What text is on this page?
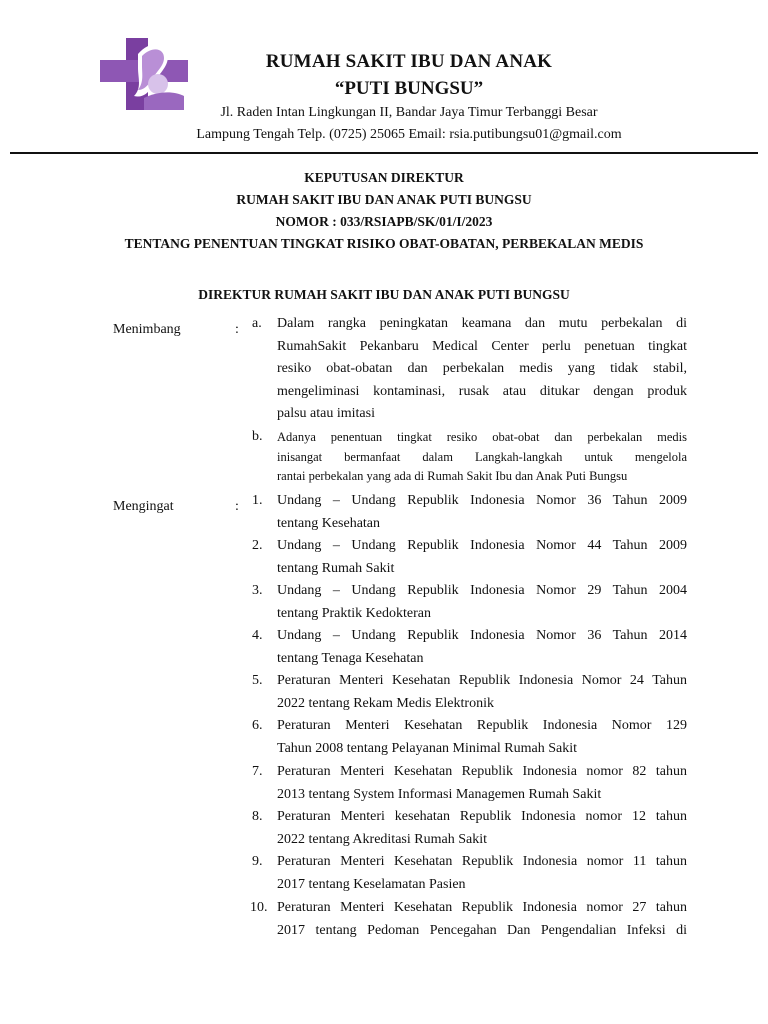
RUMAH SAKIT IBU DAN ANAK
“PUTI BUNGSU”
Jl. Raden Intan Lingkungan II, Bandar Jaya Timur Terbanggi Besar
Lampung Tengah Telp. (0725) 25065 Email: rsia.putibungsu01@gmail.com
KEPUTUSAN DIREKTUR
RUMAH SAKIT IBU DAN ANAK PUTI BUNGSU
NOMOR : 033/RSIAPB/SK/01/I/2023
TENTANG PENENTUAN TINGKAT RISIKO OBAT-OBATAN, PERBEKALAN MEDIS
DIREKTUR RUMAH SAKIT IBU DAN ANAK PUTI BUNGSU
Menimbang	: a. Dalam rangka peningkatan keamana dan mutu perbekalan di
RumahSakit Pekanbaru Medical Center perlu penetuan tingkat
resiko obat-obatan dan perbekalan medis yang tidak stabil,
mengeliminasi kontaminasi, rusak atau ditukar dengan produk
palsu atau imitasi
b. Adanya penentuan tingkat resiko obat-obat dan perbekalan medis
inisangat bermanfaat dalam Langkah-langkah untuk mengelola
rantai perbekalan yang ada di Rumah Sakit Ibu dan Anak Puti Bungsu
Mengingat	: 1. Undang – Undang Republik Indonesia Nomor 36 Tahun 2009
tentang Kesehatan
2. Undang – Undang Republik Indonesia Nomor 44 Tahun 2009
tentang Rumah Sakit
3. Undang – Undang Republik Indonesia Nomor 29 Tahun 2004
tentang Praktik Kedokteran
4. Undang – Undang Republik Indonesia Nomor 36 Tahun 2014
tentang Tenaga Kesehatan
5. Peraturan Menteri Kesehatan Republik Indonesia Nomor 24 Tahun
2022 tentang Rekam Medis Elektronik
6. Peraturan Menteri Kesehatan Republik Indonesia Nomor 129
Tahun 2008 tentang Pelayanan Minimal Rumah Sakit
7. Peraturan Menteri Kesehatan Republik Indonesia nomor 82 tahun
2013 tentang System Informasi Managemen Rumah Sakit
8. Peraturan Menteri kesehatan Republik Indonesia nomor 12 tahun
2022 tentang Akreditasi Rumah Sakit
9. Peraturan Menteri Kesehatan Republik Indonesia nomor 11 tahun
2017 tentang Keselamatan Pasien
10. Peraturan Menteri Kesehatan Republik Indonesia nomor 27 tahun
2017 tentang Pedoman Pencegahan Dan Pengendalian Infeksi di
